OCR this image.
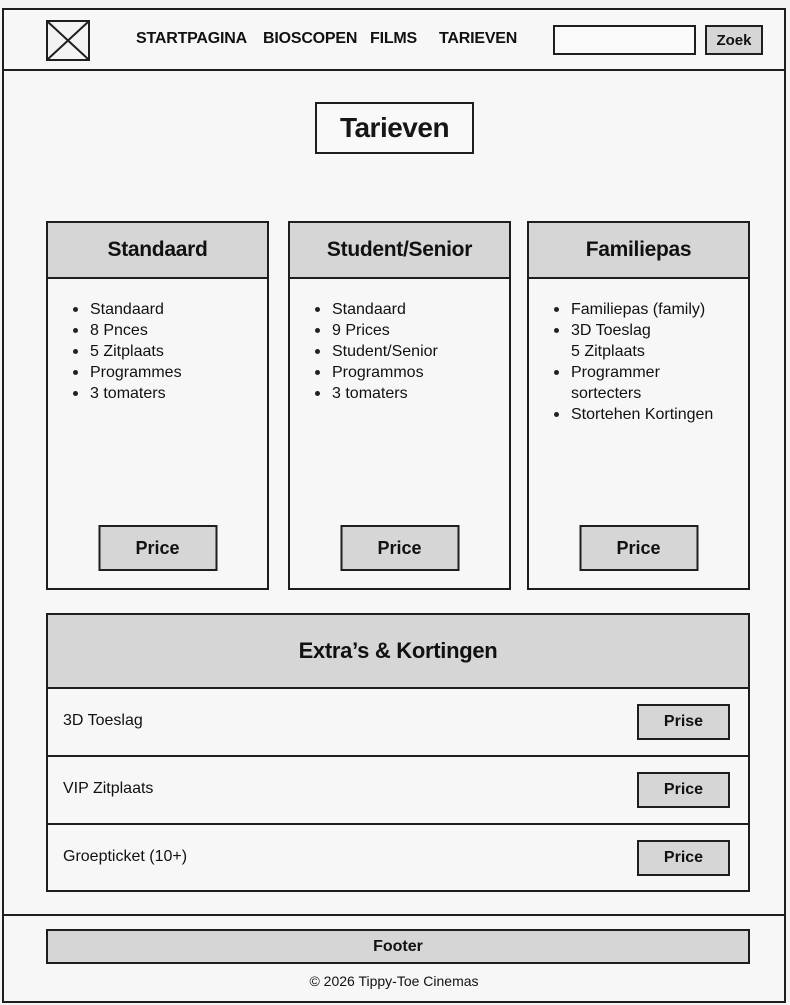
STARTPAGINA BIOSCOPEN FILMS TARIEVEN	Zoek
Tarieven
Standaard
Standaard
8 Pnces
5 Zitplaats
Programmes
3 tomaters
Price
Student/Senior
Standaard
9 Prices
Student/Senior
Programmos
3 tomaters
Price
Familiepas
Familiepas (family)
3D Toeslag
5 Zitplaats
Programmer
sortecters
Stortehen Kortingen
Price
Extra’s & Kortingen
3D Toeslag	Prise
VIP Zitplaats	Price
Groepticket (10+)	Price
Footer
© 2026 Tippy-Toe Cinemas
